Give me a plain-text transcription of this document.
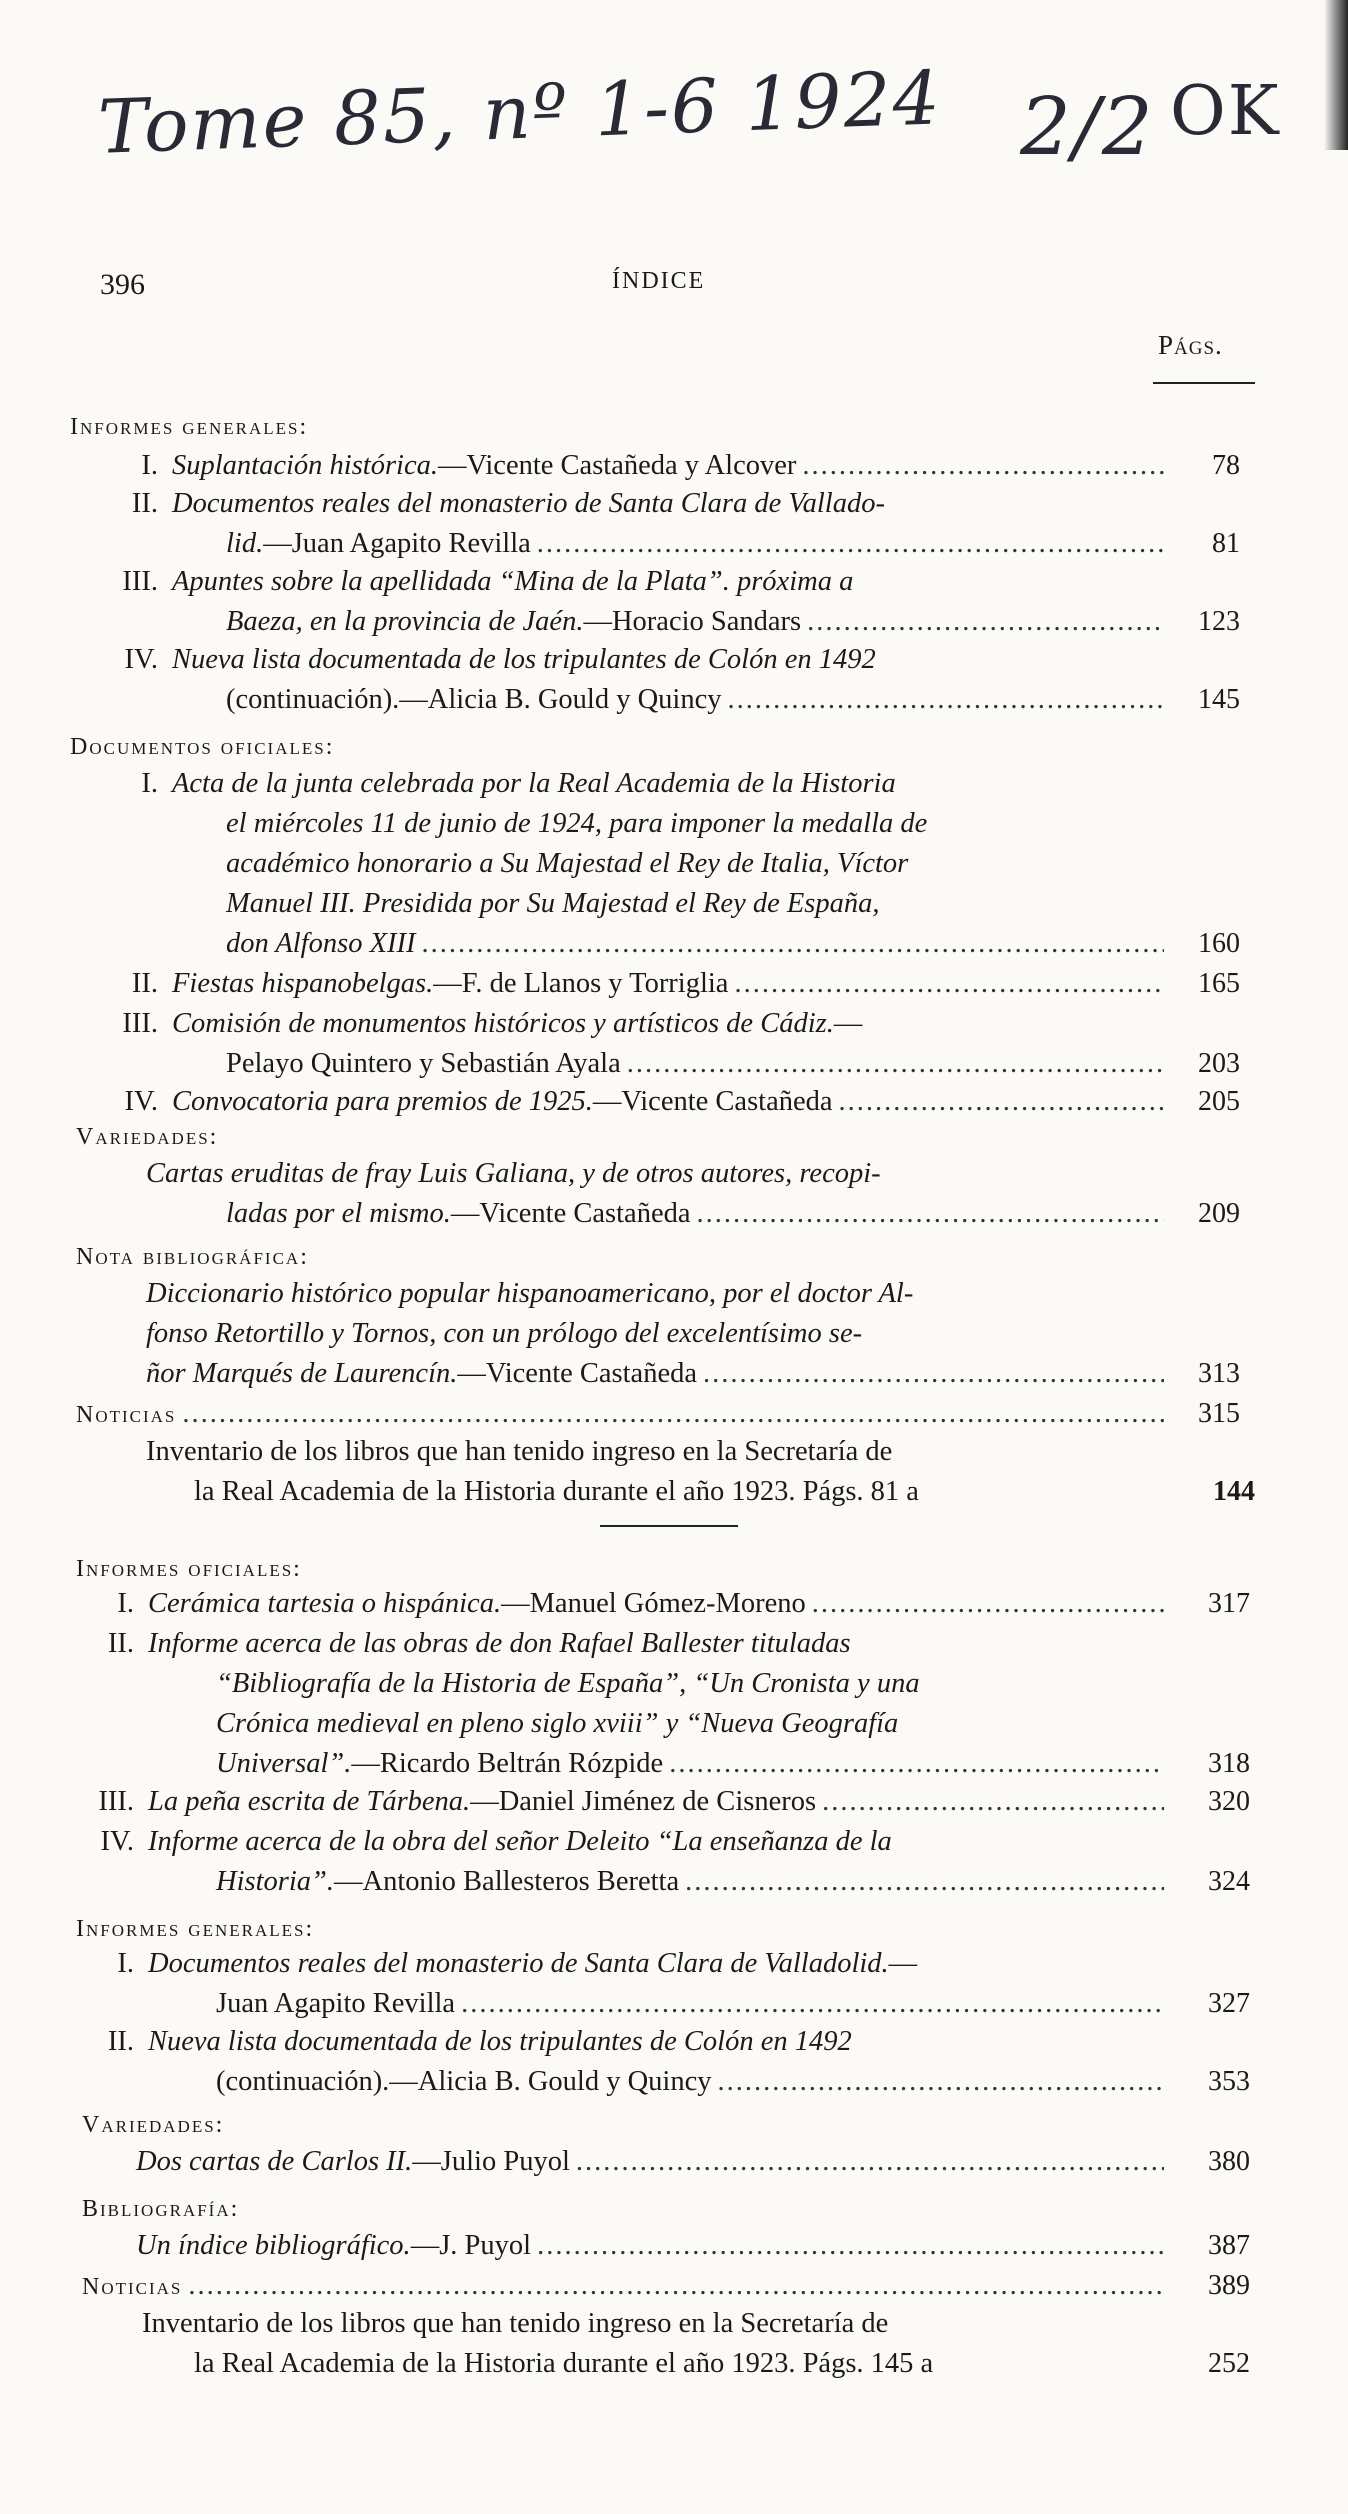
Tome 85, nº 1-6 1924 2/2 OK
396	ÍNDICE
Págs.
Informes generales:
I. Suplantación histórica. —Vicente Castañeda y Alcover .....	78
II. Documentos reales del monasterio de Santa Clara de Vallado-
lid. —Juan Agapito Revilla .....	81
III. Apuntes sobre la apellidada “Mina de la Plata”. próxima a
Baeza, en la provincia de Jaén. —Horacio Sandars .....	123
IV. Nueva lista documentada de los tripulantes de Colón en 1492
(continuación).—Alicia B. Gould y Quincy .....	145
Documentos oficiales:
I. Acta de la junta celebrada por la Real Academia de la Historia
el miércoles 11 de junio de 1924, para imponer la medalla de
académico honorario a Su Majestad el Rey de Italia, Víctor
Manuel III. Presidida por Su Majestad el Rey de España,
don Alfonso XIII .....	160
II. Fiestas hispanobelgas. —F. de Llanos y Torriglia .....	165
III. Comisión de monumentos históricos y artísticos de Cádiz. —
Pelayo Quintero y Sebastián Ayala .....	203
IV. Convocatoria para premios de 1925. —Vicente Castañeda .....	205
Variedades:
Cartas eruditas de fray Luis Galiana, y de otros autores, recopi-
ladas por el mismo. —Vicente Castañeda .....	209
Nota bibliográfica:
Diccionario histórico popular hispanoamericano, por el doctor Al-
fonso Retortillo y Tornos, con un prólogo del excelentísimo se-
ñor Marqués de Laurencín. —Vicente Castañeda .....	313
Noticias .....	315
Inventario de los libros que han tenido ingreso en la Secretaría de
la Real Academia de la Historia durante el año 1923. Págs. 81 a	144
Informes oficiales:
I. Cerámica tartesia o hispánica. —Manuel Gómez-Moreno .....	317
II. Informe acerca de las obras de don Rafael Ballester tituladas
“Bibliografía de la Historia de España”, “Un Cronista y una
Crónica medieval en pleno siglo xviii” y “Nueva Geografía
Universal”. —Ricardo Beltrán Rózpide .....	318
III. La peña escrita de Tárbena. —Daniel Jiménez de Cisneros .....	320
IV. Informe acerca de la obra del señor Deleito “La enseñanza de la
Historia”. —Antonio Ballesteros Beretta .....	324
Informes generales:
I. Documentos reales del monasterio de Santa Clara de Valladolid. —
Juan Agapito Revilla .....	327
II. Nueva lista documentada de los tripulantes de Colón en 1492
(continuación).—Alicia B. Gould y Quincy .....	353
Variedades:
Dos cartas de Carlos II. —Julio Puyol .....	380
Bibliografía:
Un índice bibliográfico. —J. Puyol .....	387
Noticias .....	389
Inventario de los libros que han tenido ingreso en la Secretaría de
la Real Academia de la Historia durante el año 1923. Págs. 145 a	252
